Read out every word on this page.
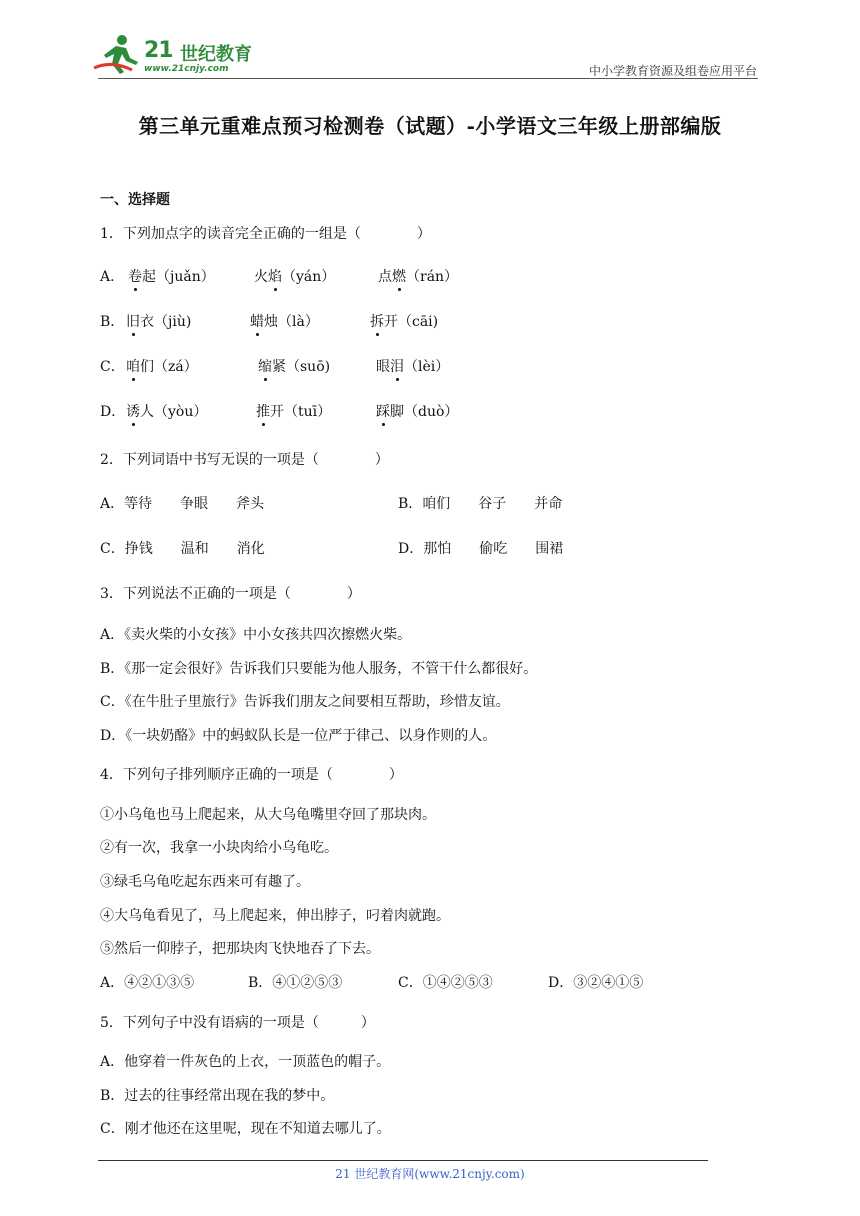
21 世纪教育
www.21cnjy.com	中小学教育资源及组卷应用平台
第三单元重难点预习检测卷（试题）-小学语文三年级上册部编版
一、选择题
1．下列加点字的读音完全正确的一组是（　　　　）
A． 卷 起（juǎn）	火 焰 （yán）	点 燃 （rán）
B． 旧 衣（jiù)	蜡 烛（là）	拆 开（cāi)
C． 咱 们（zá）	缩 紧（suō)	眼 泪 （lèi）
D． 诱 人（yòu）	推 开（tuī）	踩 脚（duò）
2．下列词语中书写无误的一项是（　　　　）
A．等待　　争眼　　斧头	B．咱们　　谷子　　并命
C．挣钱　　温和　　消化	D．那怕　　偷吃　　围裙
3．下列说法不正确的一项是（　　　　）
A．《卖火柴的小女孩》中小女孩共四次擦燃火柴。
B．《那一定会很好》告诉我们只要能为他人服务，不管干什么都很好。
C．《在牛肚子里旅行》告诉我们朋友之间要相互帮助，珍惜友谊。
D．《一块奶酪》中的蚂蚁队长是一位严于律己、以身作则的人。
4．下列句子排列顺序正确的一项是（　　　　）
①小乌龟也马上爬起来，从大乌龟嘴里夺回了那块肉。
②有一次，我拿一小块肉给小乌龟吃。
③绿毛乌龟吃起东西来可有趣了。
④大乌龟看见了，马上爬起来，伸出脖子，叼着肉就跑。
⑤然后一仰脖子，把那块肉飞快地吞了下去。
A．④②①③⑤	B．④①②⑤③	C．①④②⑤③	D．③②④①⑤
5．下列句子中没有语病的一项是（　　　）
A．他穿着一件灰色的上衣，一顶蓝色的帽子。
B．过去的往事经常出现在我的梦中。
C．刚才他还在这里呢，现在不知道去哪儿了。
21 世纪教育网(www.21cnjy.com)
